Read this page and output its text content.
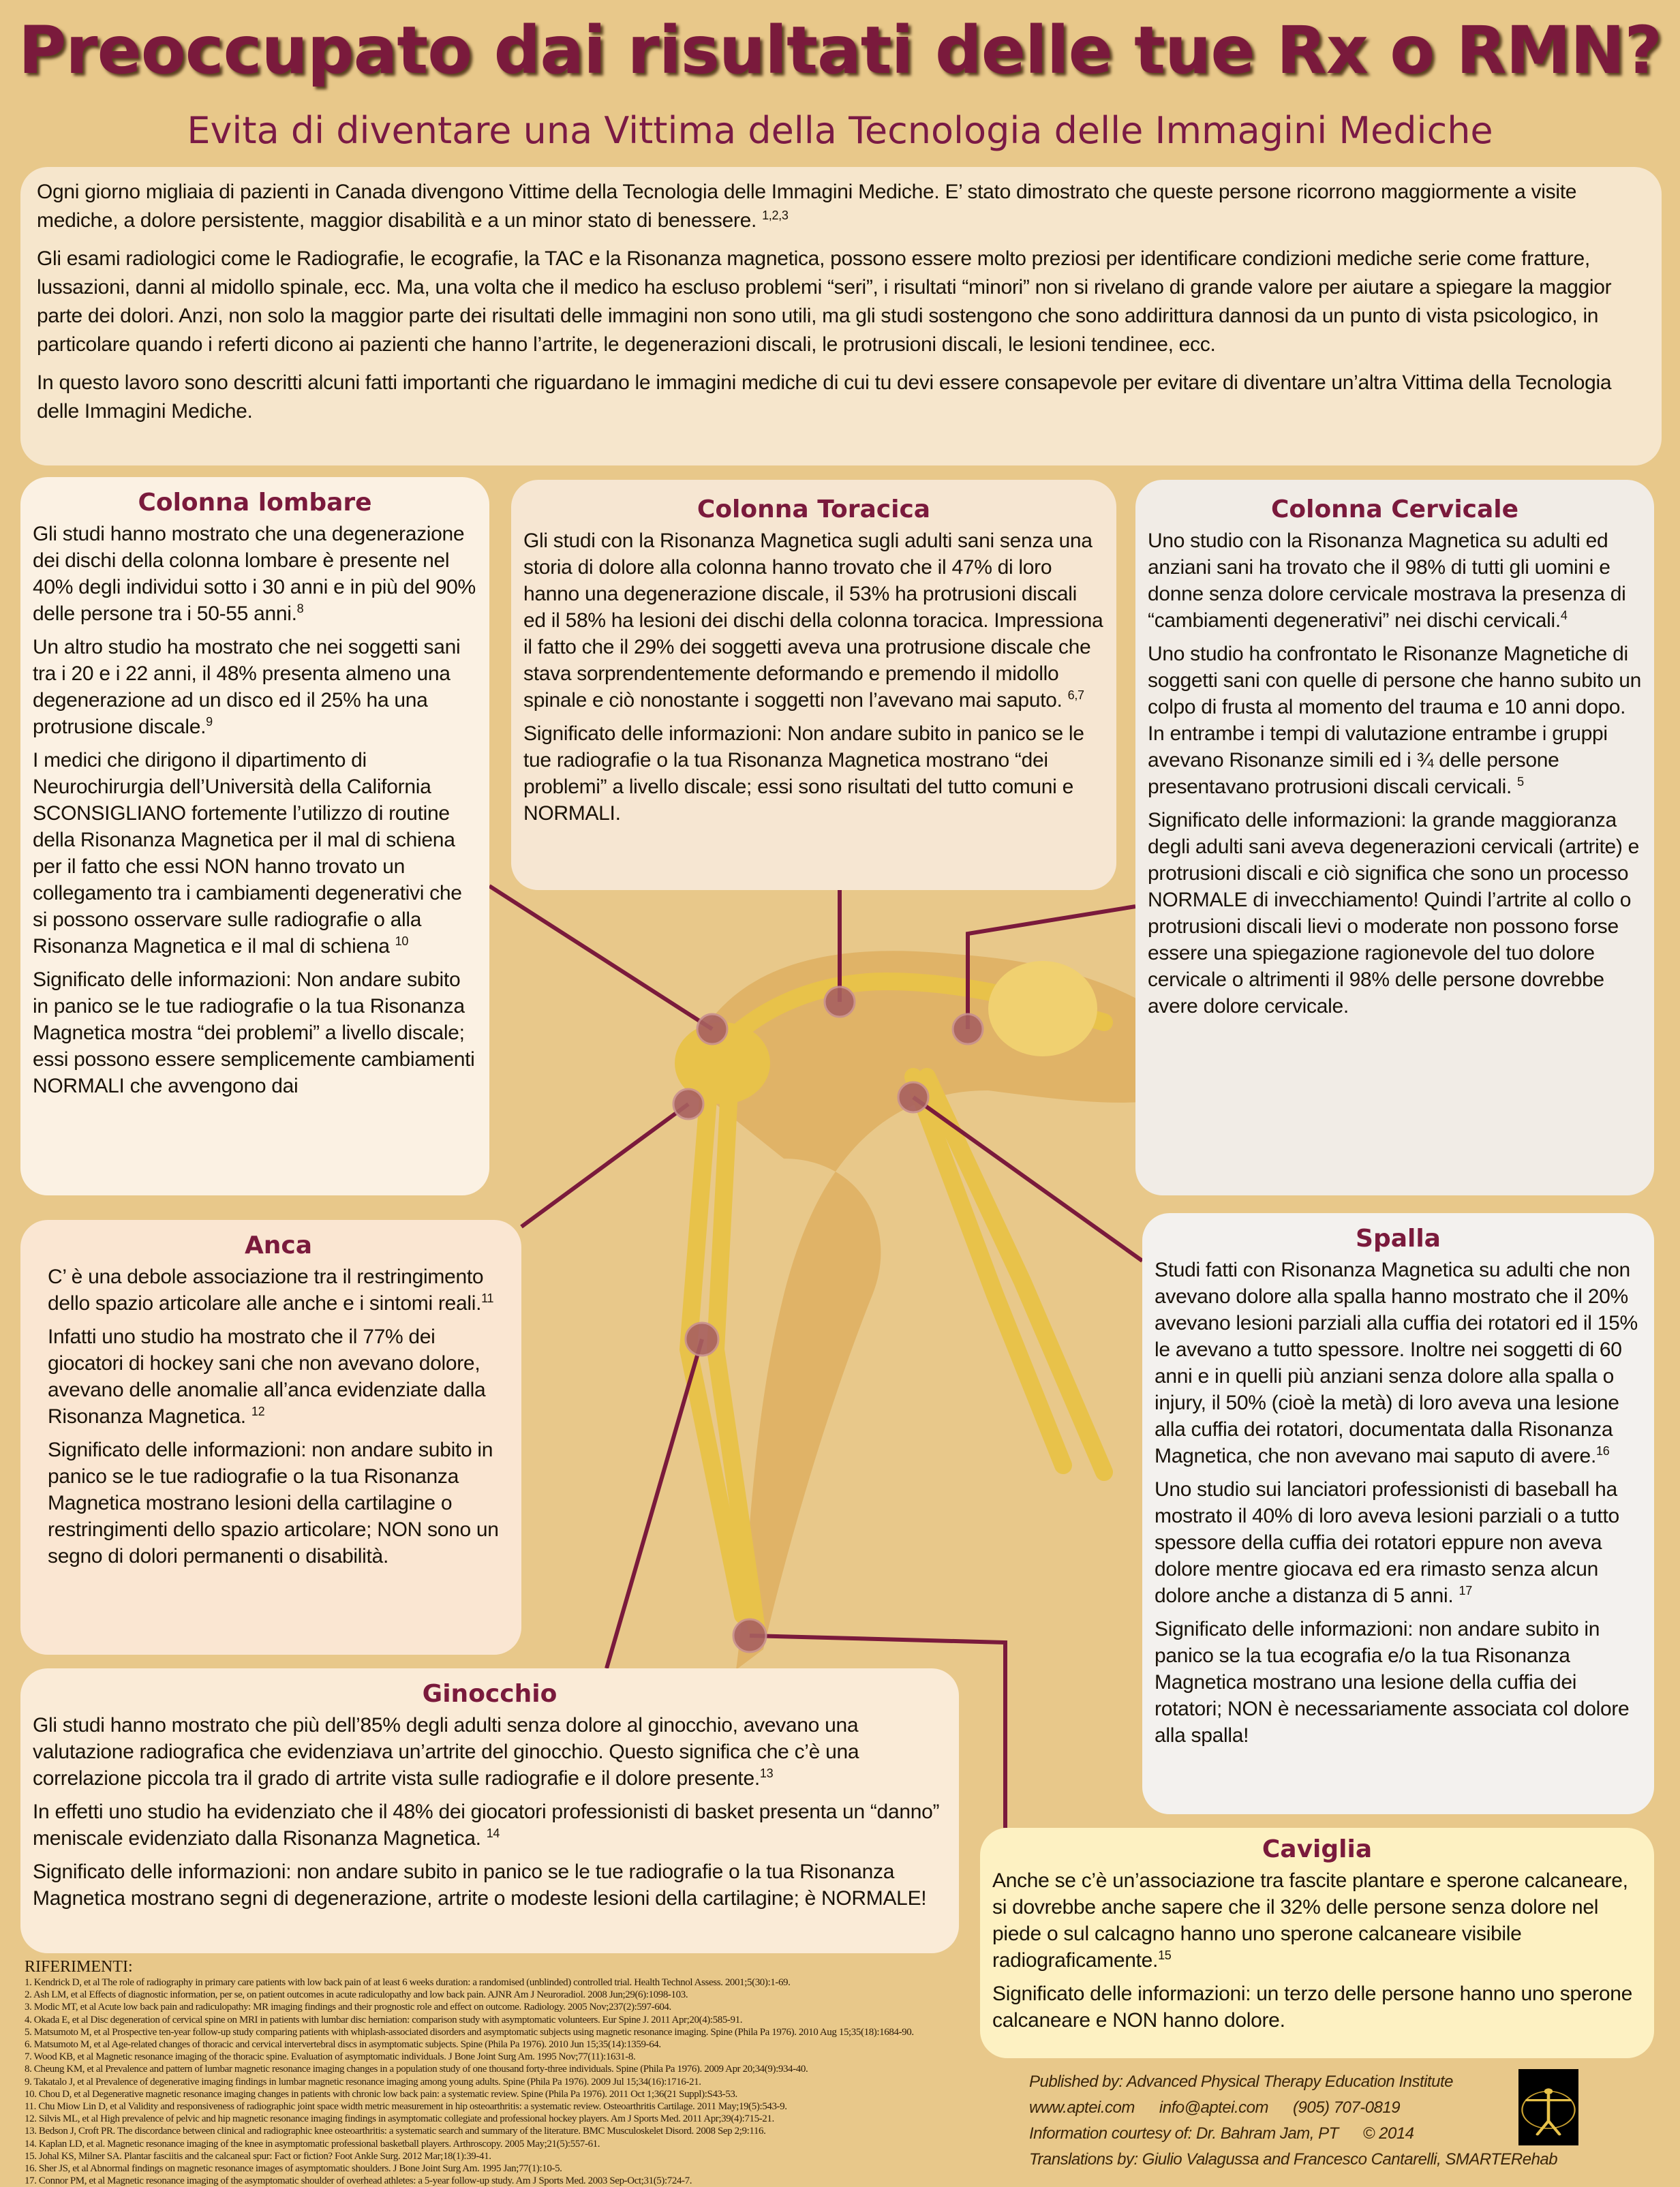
Preoccupato dai risultati delle tue Rx o RMN?
Evita di diventare una Vittima della Tecnologia delle Immagini Mediche

Ogni giorno migliaia di pazienti in Canada divengono Vittime della Tecnologia delle Immagini Mediche. E’ stato dimostrato che queste persone ricorrono maggiormente a visite mediche, a dolore persistente, maggior disabilità e a un minor stato di benessere. $^{1,2,3}$

Gli esami radiologici come le Radiografie, le ecografie, la TAC e la Risonanza magnetica, possono essere molto preziosi per identificare condizioni mediche serie come fratture, lussazioni, danni al midollo spinale, ecc. Ma, una volta che il medico ha escluso problemi “seri”, i risultati “minori” non si rivelano di grande valore per aiutare a spiegare la maggior parte dei dolori. Anzi, non solo la maggior parte dei risultati delle immagini non sono utili, ma gli studi sostengono che sono addirittura dannosi da un punto di vista psicologico, in particolare quando i referti dicono ai pazienti che hanno l’artrite, le degenerazioni discali, le protrusioni discali, le lesioni tendinee, ecc.

In questo lavoro sono descritti alcuni fatti importanti che riguardano le immagini mediche di cui tu devi essere consapevole per evitare di diventare un’altra Vittima della Tecnologia delle Immagini Mediche.

Colonna lombare

Gli studi hanno mostrato che una degenerazione dei dischi della colonna lombare è presente nel 40% degli individui sotto i 30 anni e in più del 90% delle persone tra i 50-55 anni.$^8$

Un altro studio ha mostrato che nei soggetti sani tra i 20 e i 22 anni, il 48% presenta almeno una degenerazione ad un disco ed il 25% ha una protrusione discale.$^9$

I medici che dirigono il dipartimento di Neurochirurgia dell’Università della California SCONSIGLIANO fortemente l’utilizzo di routine della Risonanza Magnetica per il mal di schiena per il fatto che essi NON hanno trovato un collegamento tra i cambiamenti degenerativi che si possono osservare sulle radiografie o alla Risonanza Magnetica e il mal di schiena $^{10}$

Significato delle informazioni: Non andare subito in panico se le tue radiografie o la tua Risonanza Magnetica mostra “dei problemi” a livello discale; essi possono essere semplicemente cambiamenti NORMALI che avvengono dai

Colonna Toracica

Gli studi con la Risonanza Magnetica sugli adulti sani senza una storia di dolore alla colonna hanno trovato che il 47% di loro hanno una degenerazione discale, il 53% ha protrusioni discali ed il 58% ha lesioni dei dischi della colonna toracica. Impressiona il fatto che il 29% dei soggetti aveva una protrusione discale che stava sorprendentemente deformando e premendo il midollo spinale e ciò nonostante i soggetti non l’avevano mai saputo. $^{6,7}$

Significato delle informazioni: Non andare subito in panico se le tue radiografie o la tua Risonanza Magnetica mostrano “dei problemi” a livello discale; essi sono risultati del tutto comuni e NORMALI.

Colonna Cervicale

Uno studio con la Risonanza Magnetica su adulti ed anziani sani ha trovato che il 98% di tutti gli uomini e donne senza dolore cervicale mostrava la presenza di “cambiamenti degenerativi” nei dischi cervicali.$^4$

Uno studio ha confrontato le Risonanze Magnetiche di soggetti sani con quelle di persone che hanno subito un colpo di frusta al momento del trauma e 10 anni dopo. In entrambe i tempi di valutazione entrambe i gruppi avevano Risonanze simili ed i ¾ delle persone presentavano protrusioni discali cervicali. $^5$

Significato delle informazioni: la grande maggioranza degli adulti sani aveva degenerazioni cervicali (artrite) e protrusioni discali e ciò significa che sono un processo NORMALE di invecchiamento! Quindi l’artrite al collo o protrusioni discali lievi o moderate non possono forse essere una spiegazione ragionevole del tuo dolore cervicale o altrimenti il 98% delle persone dovrebbe avere dolore cervicale.

Anca

C’ è una debole associazione tra il restringimento dello spazio articolare alle anche e i sintomi reali.$^{11}$

Infatti uno studio ha mostrato che il 77% dei giocatori di hockey sani che non avevano dolore, avevano delle anomalie all’anca evidenziate dalla Risonanza Magnetica. $^{12}$

Significato delle informazioni: non andare subito in panico se le tue radiografie o la tua Risonanza Magnetica mostrano lesioni della cartilagine o restringimenti dello spazio articolare; NON sono un segno di dolori permanenti o disabilità.

Spalla

Studi fatti con Risonanza Magnetica su adulti che non avevano dolore alla spalla hanno mostrato che il 20% avevano lesioni parziali alla cuffia dei rotatori ed il 15% le avevano a tutto spessore. Inoltre nei soggetti di 60 anni e in quelli più anziani senza dolore alla spalla o injury, il 50% (cioè la metà) di loro aveva una lesione alla cuffia dei rotatori, documentata dalla Risonanza Magnetica, che non avevano mai saputo di avere.$^{16}$

Uno studio sui lanciatori professionisti di baseball ha mostrato il 40% di loro aveva lesioni parziali o a tutto spessore della cuffia dei rotatori eppure non aveva dolore mentre giocava ed era rimasto senza alcun dolore anche a distanza di 5 anni. $^{17}$

Significato delle informazioni: non andare subito in panico se la tua ecografia e/o la tua Risonanza Magnetica mostrano una lesione della cuffia dei rotatori; NON è necessariamente associata col dolore alla spalla!

Ginocchio

Gli studi hanno mostrato che più dell’85% degli adulti senza dolore al ginocchio, avevano una valutazione radiografica che evidenziava un’artrite del ginocchio. Questo significa che c’è una correlazione piccola tra il grado di artrite vista sulle radiografie e il dolore presente.$^{13}$

In effetti uno studio ha evidenziato che il 48% dei giocatori professionisti di basket presenta un “danno” meniscale evidenziato dalla Risonanza Magnetica. $^{14}$

Significato delle informazioni: non andare subito in panico se le tue radiografie o la tua Risonanza Magnetica mostrano segni di degenerazione, artrite o modeste lesioni della cartilagine; è NORMALE!

Caviglia

Anche se c’è un’associazione tra fascite plantare e sperone calcaneare, si dovrebbe anche sapere che il 32% delle persone senza dolore nel piede o sul calcagno hanno uno sperone calcaneare visibile radiograficamente.$^{15}$

Significato delle informazioni: un terzo delle persone hanno uno sperone calcaneare e NON hanno dolore.

RIFERIMENTI:
1. Kendrick D, et al The role of radiography in primary care patients with low back pain of at least 6 weeks duration: a randomised (unblinded) controlled trial. Health Technol Assess. 2001;5(30):1-69.
2. Ash LM, et al Effects of diagnostic information, per se, on patient outcomes in acute radiculopathy and low back pain. AJNR Am J Neuroradiol. 2008 Jun;29(6):1098-103.
3. Modic MT, et al Acute low back pain and radiculopathy: MR imaging findings and their prognostic role and effect on outcome. Radiology. 2005 Nov;237(2):597-604.
4. Okada E, et al Disc degeneration of cervical spine on MRI in patients with lumbar disc herniation: comparison study with asymptomatic volunteers. Eur Spine J. 2011 Apr;20(4):585-91.
5. Matsumoto M, et al Prospective ten-year follow-up study comparing patients with whiplash-associated disorders and asymptomatic subjects using magnetic resonance imaging. Spine (Phila Pa 1976). 2010 Aug 15;35(18):1684-90.
6. Matsumoto M, et al Age-related changes of thoracic and cervical intervertebral discs in asymptomatic subjects. Spine (Phila Pa 1976). 2010 Jun 15;35(14):1359-64.
7. Wood KB, et al Magnetic resonance imaging of the thoracic spine. Evaluation of asymptomatic individuals. J Bone Joint Surg Am. 1995 Nov;77(11):1631-8.
8. Cheung KM, et al Prevalence and pattern of lumbar magnetic resonance imaging changes in a population study of one thousand forty-three individuals. Spine (Phila Pa 1976). 2009 Apr 20;34(9):934-40.
9. Takatalo J, et al Prevalence of degenerative imaging findings in lumbar magnetic resonance imaging among young adults. Spine (Phila Pa 1976). 2009 Jul 15;34(16):1716-21.
10. Chou D, et al Degenerative magnetic resonance imaging changes in patients with chronic low back pain: a systematic review. Spine (Phila Pa 1976). 2011 Oct 1;36(21 Suppl):S43-53.
11. Chu Miow Lin D, et al Validity and responsiveness of radiographic joint space width metric measurement in hip osteoarthritis: a systematic review. Osteoarthritis Cartilage. 2011 May;19(5):543-9.
12. Silvis ML, et al High prevalence of pelvic and hip magnetic resonance imaging findings in asymptomatic collegiate and professional hockey players. Am J Sports Med. 2011 Apr;39(4):715-21.
13. Bedson J, Croft PR. The discordance between clinical and radiographic knee osteoarthritis: a systematic search and summary of the literature. BMC Musculoskelet Disord. 2008 Sep 2;9:116.
14. Kaplan LD, et al. Magnetic resonance imaging of the knee in asymptomatic professional basketball players. Arthroscopy. 2005 May;21(5):557-61.
15. Johal KS, Milner SA. Plantar fasciitis and the calcaneal spur: Fact or fiction? Foot Ankle Surg. 2012 Mar;18(1):39-41.
16. Sher JS, et al Abnormal findings on magnetic resonance images of asymptomatic shoulders. J Bone Joint Surg Am. 1995 Jan;77(1):10-5.
17. Connor PM, et al Magnetic resonance imaging of the asymptomatic shoulder of overhead athletes: a 5-year follow-up study. Am J Sports Med. 2003 Sep-Oct;31(5):724-7.
Published by: Advanced Physical Therapy Education Institute
www.aptei.com info@aptei.com (905) 707-0819
Information courtesy of: Dr. Bahram Jam, PT © 2014
Translations by: Giulio Valagussa and Francesco Cantarelli, SMARTERehab
